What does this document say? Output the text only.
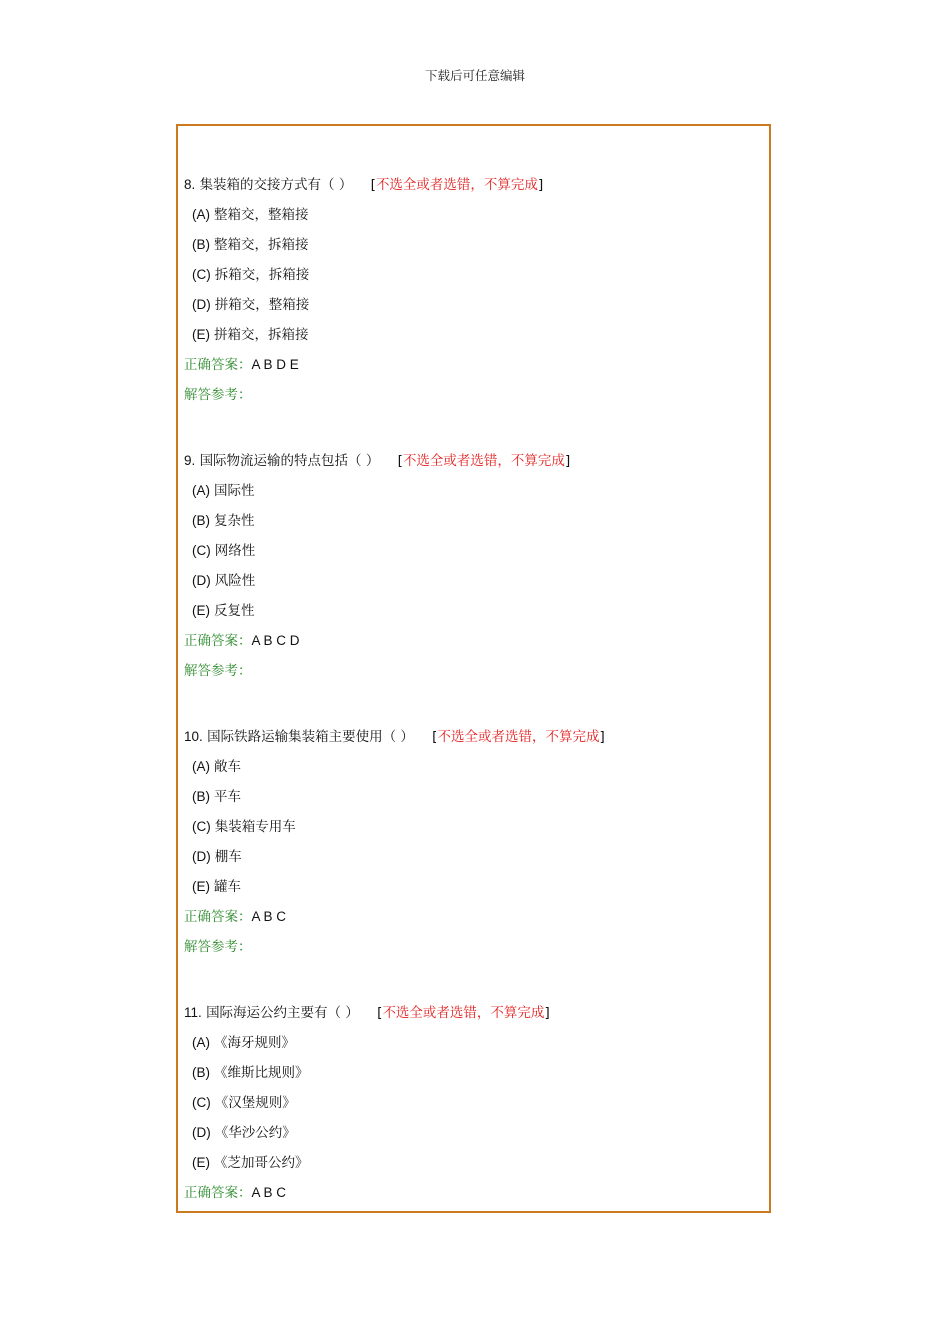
下载后可任意编辑
8. 集装箱的交接方式有（ ） [不选全或者选错，不算完成]
(A) 整箱交，整箱接
(B) 整箱交，拆箱接
(C) 拆箱交，拆箱接
(D) 拼箱交，整箱接
(E) 拼箱交，拆箱接
正确答案：A B D E
解答参考：
9. 国际物流运输的特点包括（ ） [不选全或者选错，不算完成]
(A) 国际性
(B) 复杂性
(C) 网络性
(D) 风险性
(E) 反复性
正确答案：A B C D
解答参考：
10. 国际铁路运输集装箱主要使用（ ） [不选全或者选错，不算完成]
(A) 敞车
(B) 平车
(C) 集装箱专用车
(D) 棚车
(E) 罐车
正确答案：A B C
解答参考：
11. 国际海运公约主要有（ ） [不选全或者选错，不算完成]
(A) 《海牙规则》
(B) 《维斯比规则》
(C) 《汉堡规则》
(D) 《华沙公约》
(E) 《芝加哥公约》
正确答案：A B C
